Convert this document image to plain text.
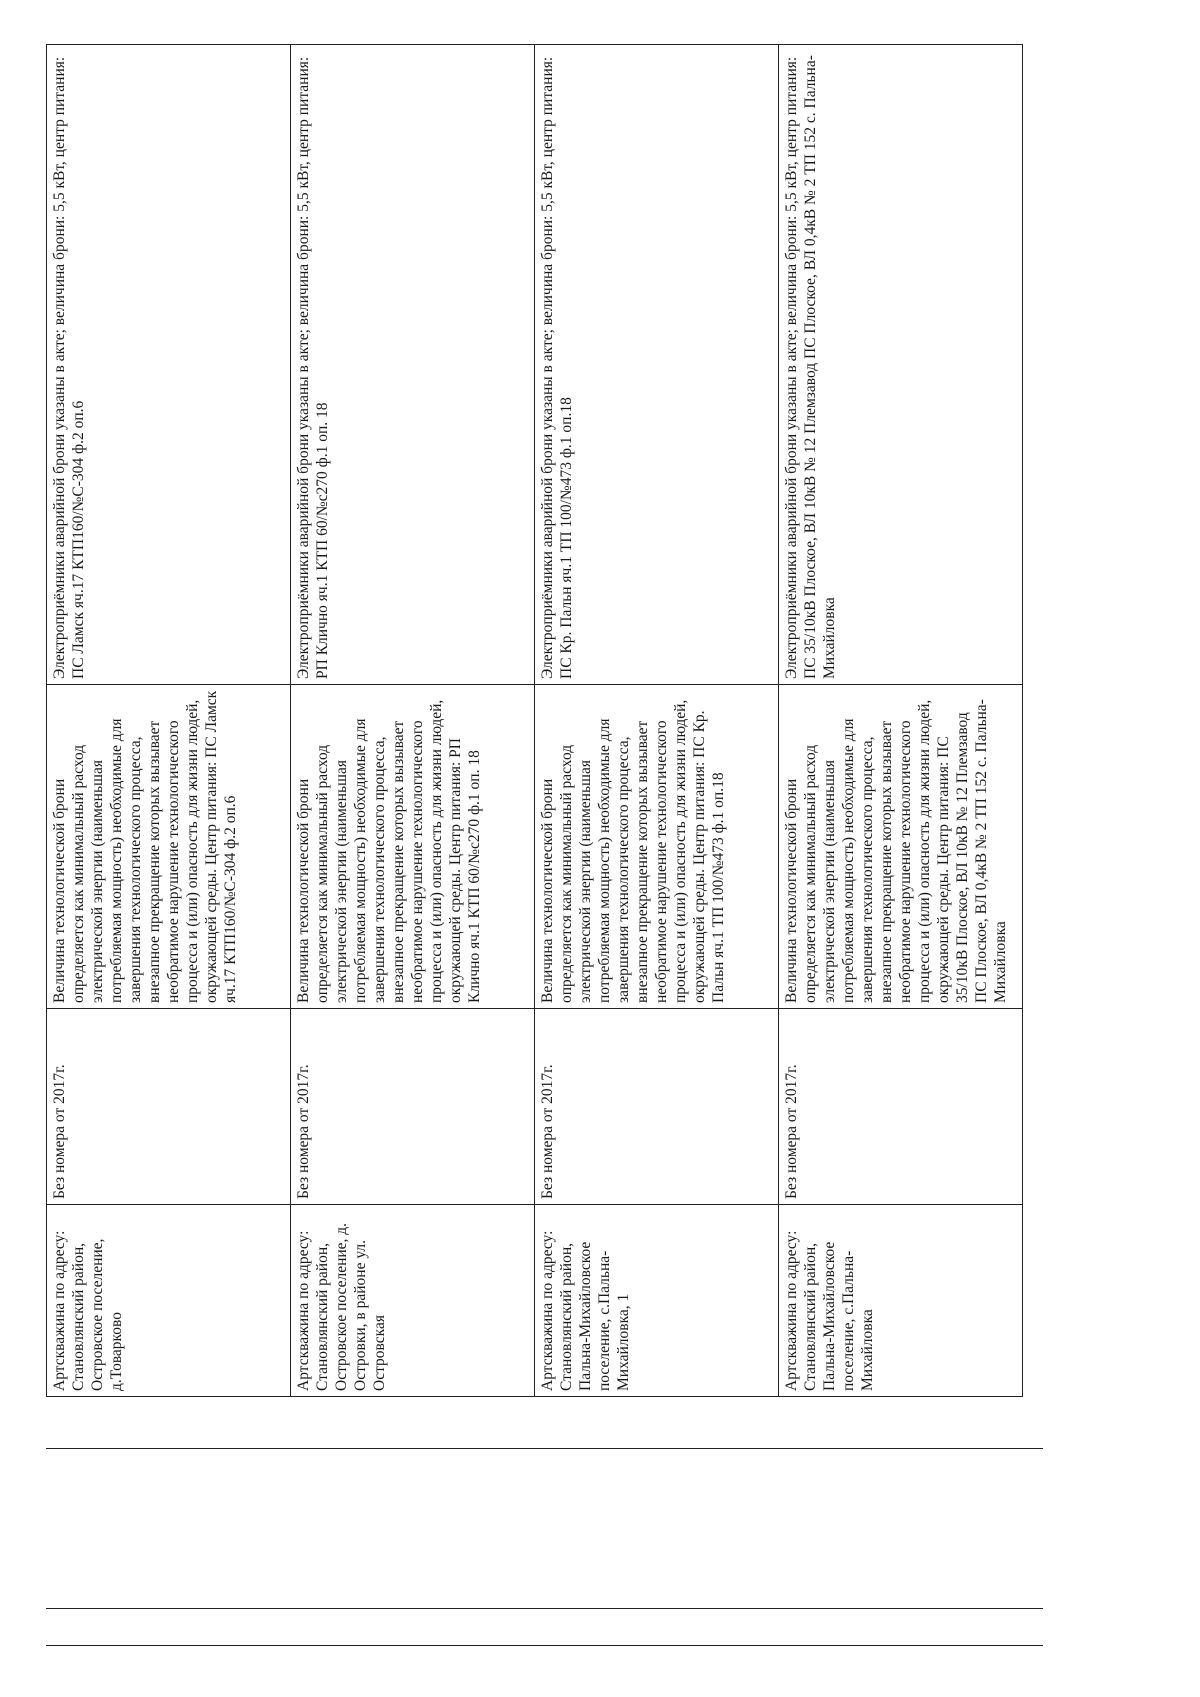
Артскважина по адресу: Становлянский район, Островское поселение, д.Товарково	Без номера от 2017г.	Величина технологической брони определяется как минимальный расход электрической энергии (наименьшая потребляемая мощность) необходимые для завершения технологического процесса, внезапное прекращение которых вызывает необратимое нарушение технологического процесса и (или) опасность для жизни людей, окружающей среды. Центр питания: ПС Ламск яч.17 КТП160/№С-304 ф.2 оп.6	Электроприёмники аварийной брони указаны в акте; величина брони: 5,5 кВт, центр питания: ПС Ламск яч.17 КТП160/№С-304 ф.2 оп.6
Артскважина по адресу: Становлянский район, Островское поселение, д. Островки, в районе ул. Островская	Без номера от 2017г.	Величина технологической брони определяется как минимальный расход электрической энергии (наименьшая потребляемая мощность) необходимые для завершения технологического процесса, внезапное прекращение которых вызывает необратимое нарушение технологического процесса и (или) опасность для жизни людей, окружающей среды. Центр питания: РП Клично яч.1 КТП 60/№с270 ф.1 оп. 18	Электроприёмники аварийной брони указаны в акте; величина брони: 5,5 кВт, центр питания: РП Клично яч.1 КТП 60/№с270 ф.1 оп. 18
Артскважина по адресу: Становлянский район, Пальна-Михайловское поселение, с.Пальна-Михайловка, 1	Без номера от 2017г.	Величина технологической брони определяется как минимальный расход электрической энергии (наименьшая потребляемая мощность) необходимые для завершения технологического процесса, внезапное прекращение которых вызывает необратимое нарушение технологического процесса и (или) опасность для жизни людей, окружающей среды. Центр питания: ПС Кр. Пальн яч.1 ТП 100/№473 ф.1 оп.18	Электроприёмники аварийной брони указаны в акте; величина брони: 5,5 кВт, центр питания: ПС Кр. Пальн яч.1 ТП 100/№473 ф.1 оп.18
Артскважина по адресу: Становлянский район, Пальна-Михайловское поселение, с.Пальна-Михайловка	Без номера от 2017г.	Величина технологической брони определяется как минимальный расход электрической энергии (наименьшая потребляемая мощность) необходимые для завершения технологического процесса, внезапное прекращение которых вызывает необратимое нарушение технологического процесса и (или) опасность для жизни людей, окружающей среды. Центр питания: ПС 35/10кВ Плоское, ВЛ 10кВ № 12 Племзавод ПС Плоское, ВЛ 0,4кВ № 2 ТП 152 с. Пальна-Михайловка	Электроприёмники аварийной брони указаны в акте; величина брони: 5,5 кВт, центр питания: ПС 35/10кВ Плоское, ВЛ 10кВ № 12 Племзавод ПС Плоское, ВЛ 0,4кВ № 2 ТП 152 с. Пальна-Михайловка
